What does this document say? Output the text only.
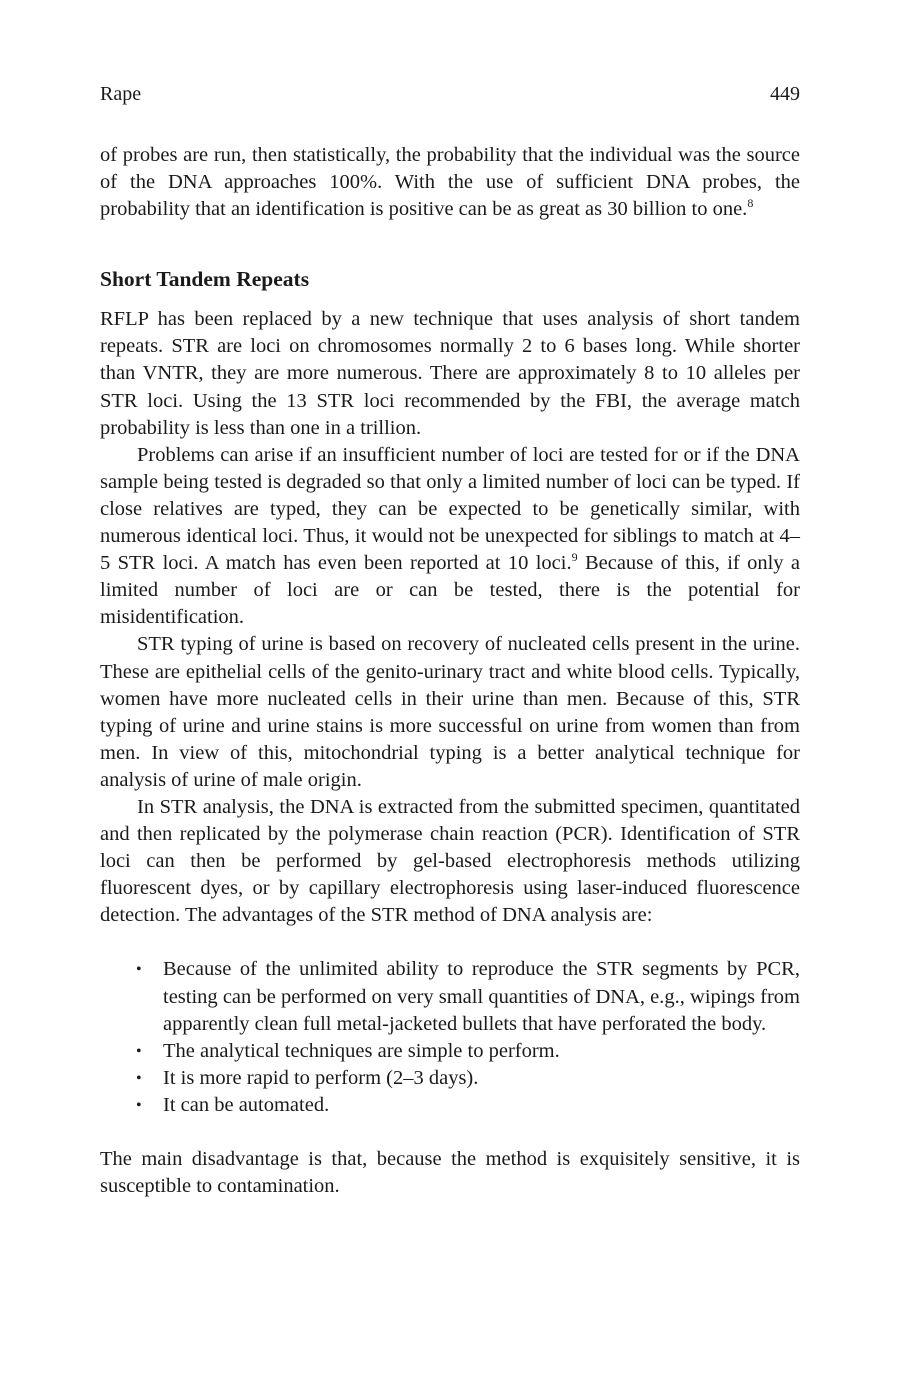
Rape	449

of probes are run, then statistically, the probability that the individual was the source of the DNA approaches 100%. With the use of sufficient DNA probes, the probability that an identification is positive can be as great as 30 billion to one.$^8$

Short Tandem Repeats

RFLP has been replaced by a new technique that uses analysis of short tandem repeats. STR are loci on chromosomes normally 2 to 6 bases long. While shorter than VNTR, they are more numerous. There are approximately 8 to 10 alleles per STR loci. Using the 13 STR loci recommended by the FBI, the average match probability is less than one in a trillion.

Problems can arise if an insufficient number of loci are tested for or if the DNA sample being tested is degraded so that only a limited number of loci can be typed. If close relatives are typed, they can be expected to be genetically similar, with numerous identical loci. Thus, it would not be unexpected for siblings to match at 4–5 STR loci. A match has even been reported at 10 loci.$^9$ Because of this, if only a limited number of loci are or can be tested, there is the potential for misidentification.

STR typing of urine is based on recovery of nucleated cells present in the urine. These are epithelial cells of the genito-urinary tract and white blood cells. Typically, women have more nucleated cells in their urine than men. Because of this, STR typing of urine and urine stains is more successful on urine from women than from men. In view of this, mitochondrial typing is a better analytical technique for analysis of urine of male origin.

In STR analysis, the DNA is extracted from the submitted specimen, quantitated and then replicated by the polymerase chain reaction (PCR). Identification of STR loci can then be performed by gel-based electrophoresis methods utilizing fluorescent dyes, or by capillary electrophoresis using laser-induced fluorescence detection. The advantages of the STR method of DNA analysis are:

• Because of the unlimited ability to reproduce the STR segments by PCR, testing can be performed on very small quantities of DNA, e.g., wipings from apparently clean full metal-jacketed bullets that have perforated the body.
• The analytical techniques are simple to perform.
• It is more rapid to perform (2–3 days).
• It can be automated.

The main disadvantage is that, because the method is exquisitely sensitive, it is susceptible to contamination.
